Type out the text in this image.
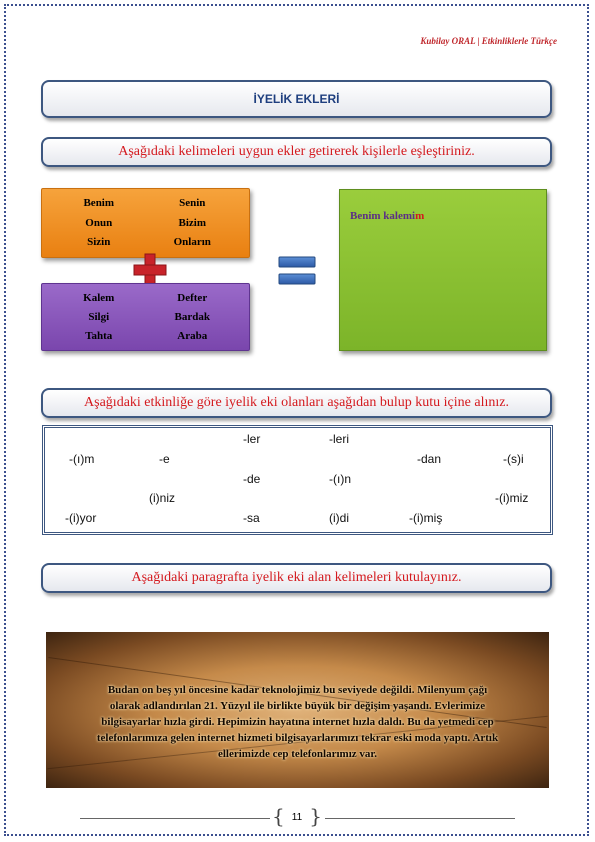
Kubilay ORAL | Etkinliklerle Türkçe
İYELİK EKLERİ
Aşağıdaki kelimeleri uygun ekler getirerek kişilerle eşleştiriniz.
Benim	Senin
Onun	Bizim
Sizin	Onların
Kalem	Defter
Silgi	Bardak
Tahta	Araba
Benim kalemim
Aşağıdaki etkinliğe göre iyelik eki olanları aşağıdan bulup kutu içine alınız.
-ler	-leri
-(ı)m	-e	-dan	-(s)i
-de	-(ı)n
(i)niz	-(i)miz
-(i)yor	-sa	(i)di	-(i)miş
Aşağıdaki paragrafta iyelik eki alan kelimeleri kutulayınız.

Budan on beş yıl öncesine kadar teknolojimiz bu seviyede değildi. Milenyum çağı olarak adlandırılan 21. Yüzyıl ile birlikte büyük bir değişim yaşandı. Evlerimize bilgisayarlar hızla girdi. Hepimizin hayatına internet hızla daldı. Bu da yetmedi cep telefonlarımıza gelen internet hizmeti bilgisayarlarımızı tekrar eski moda yaptı. Artık ellerimizde cep telefonlarımız var.

{ 11 }
